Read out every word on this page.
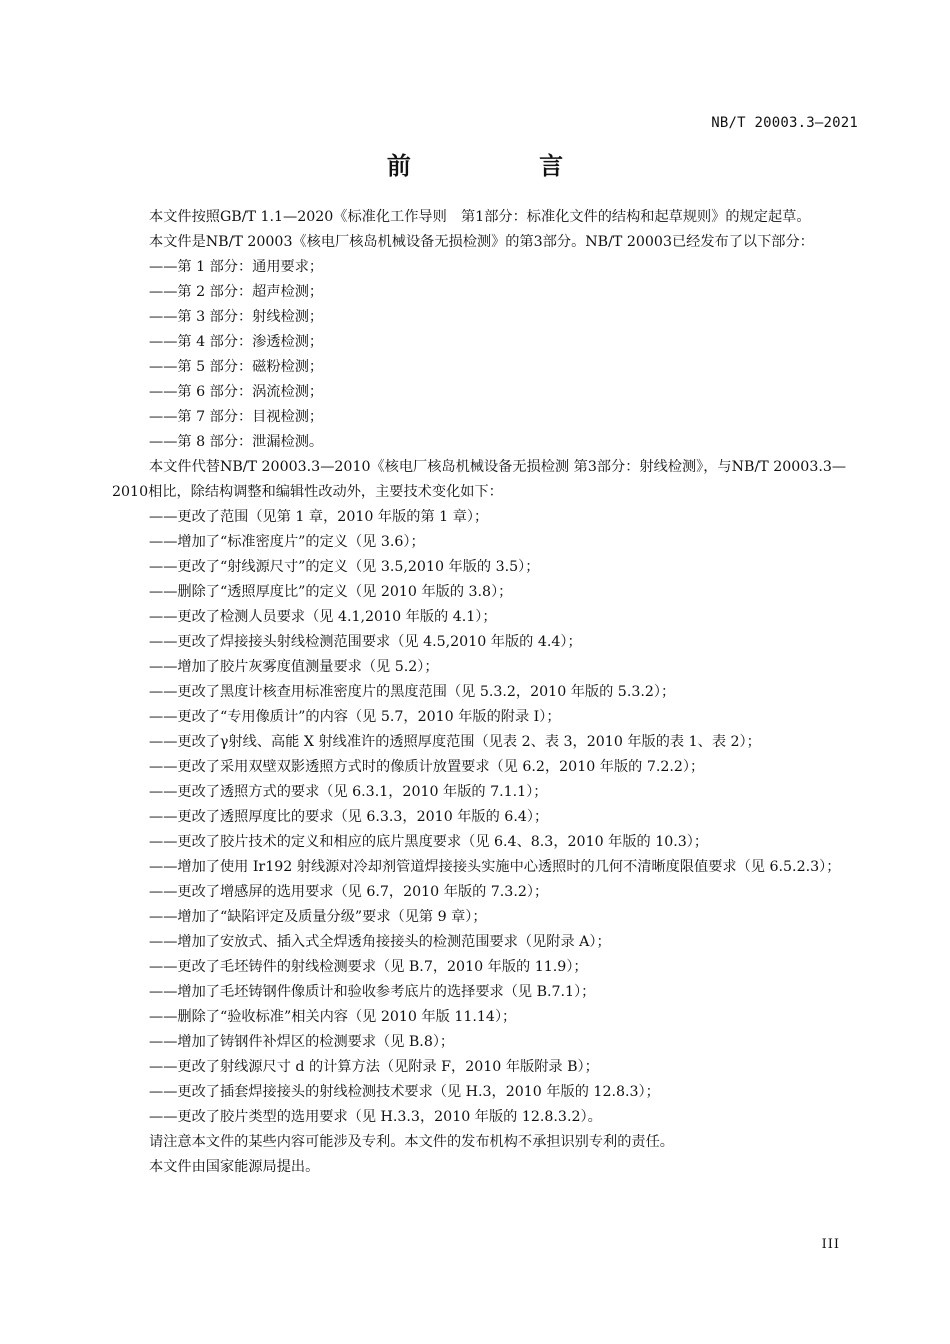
NB/T 20003.3—2021
前 言

本文件按照GB/T 1.1—2020《标准化工作导则　第1部分：标准化文件的结构和起草规则》的规定起草。

本文件是NB/T 20003《核电厂核岛机械设备无损检测》的第3部分。NB/T 20003已经发布了以下部分：

——第 1 部分：通用要求；

——第 2 部分：超声检测；

——第 3 部分：射线检测；

——第 4 部分：渗透检测；

——第 5 部分：磁粉检测；

——第 6 部分：涡流检测；

——第 7 部分：目视检测；

——第 8 部分：泄漏检测。

本文件代替NB/T 20003.3—2010《核电厂核岛机械设备无损检测 第3部分：射线检测》，与NB/T 20003.3—2010相比，除结构调整和编辑性改动外，主要技术变化如下：

——更改了范围（见第 1 章，2010 年版的第 1 章）；

——增加了“标准密度片”的定义（见 3.6）；

——更改了“射线源尺寸”的定义（见 3.5,2010 年版的 3.5）；

——删除了“透照厚度比”的定义（见 2010 年版的 3.8）；

——更改了检测人员要求（见 4.1,2010 年版的 4.1）；

——更改了焊接接头射线检测范围要求（见 4.5,2010 年版的 4.4）；

——增加了胶片灰雾度值测量要求（见 5.2）；

——更改了黑度计核查用标准密度片的黑度范围（见 5.3.2，2010 年版的 5.3.2）；

——更改了“专用像质计”的内容（见 5.7，2010 年版的附录 I）；

——更改了γ射线、高能 X 射线准许的透照厚度范围（见表 2、表 3，2010 年版的表 1、表 2）；

——更改了采用双壁双影透照方式时的像质计放置要求（见 6.2，2010 年版的 7.2.2）；

——更改了透照方式的要求（见 6.3.1，2010 年版的 7.1.1）；

——更改了透照厚度比的要求（见 6.3.3，2010 年版的 6.4）；

——更改了胶片技术的定义和相应的底片黑度要求（见 6.4、8.3，2010 年版的 10.3）；

——增加了使用 Ir192 射线源对冷却剂管道焊接接头实施中心透照时的几何不清晰度限值要求（见 6.5.2.3）；

——更改了增感屏的选用要求（见 6.7，2010 年版的 7.3.2）；

——增加了“缺陷评定及质量分级”要求（见第 9 章）；

——增加了安放式、插入式全焊透角接接头的检测范围要求（见附录 A）；

——更改了毛坯铸件的射线检测要求（见 B.7，2010 年版的 11.9）；

——增加了毛坯铸钢件像质计和验收参考底片的选择要求（见 B.7.1）；

——删除了“验收标准”相关内容（见 2010 年版 11.14）；

——增加了铸钢件补焊区的检测要求（见 B.8）；

——更改了射线源尺寸 d 的计算方法（见附录 F，2010 年版附录 B）；

——更改了插套焊接接头的射线检测技术要求（见 H.3，2010 年版的 12.8.3）；

——更改了胶片类型的选用要求（见 H.3.3，2010 年版的 12.8.3.2）。

请注意本文件的某些内容可能涉及专利。本文件的发布机构不承担识别专利的责任。

本文件由国家能源局提出。

III
